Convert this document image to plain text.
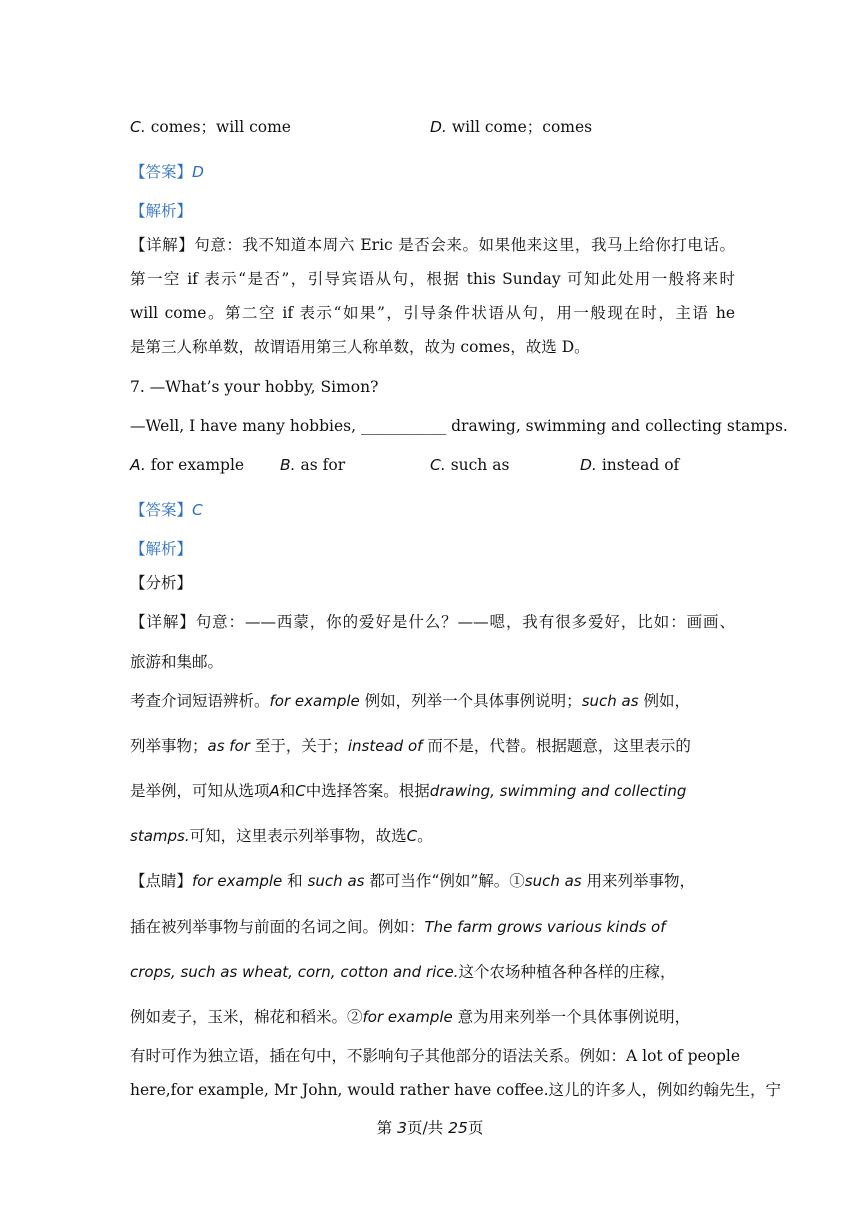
C. comes；will come	D. will come；comes
【答案】D
【解析】
【详解】句意：我不知道本周六 Eric 是否会来。如果他来这里，我马上给你打电话。
第一空 if 表示“是否”，引导宾语从句，根据 this Sunday 可知此处用一般将来时
will come。第二空 if 表示“如果”，引导条件状语从句，用一般现在时，主语 he
是第三人称单数，故谓语用第三人称单数，故为 comes，故选 D。
7. —What’s your hobby, Simon?
—Well, I have many hobbies, ___________ drawing, swimming and collecting stamps.
A. for example B. as for	C. such as	D. instead of
【答案】C
【解析】
【分析】
【详解】句意：——西蒙，你的爱好是什么？——嗯，我有很多爱好，比如：画画、
旅游和集邮。
考查介词短语辨析。for example 例如，列举一个具体事例说明；such as 例如，
列举事物；as for 至于，关于；instead of 而不是，代替。根据题意，这里表示的
是举例，可知从选项A和C中选择答案。根据drawing, swimming and collecting
stamps.可知，这里表示列举事物，故选C。
【点睛】for example 和 such as 都可当作“例如”解。①such as 用来列举事物，
插在被列举事物与前面的名词之间。例如：The farm grows various kinds of
crops, such as wheat, corn, cotton and rice.这个农场种植各种各样的庄稼，
例如麦子，玉米，棉花和稻米。②for example 意为用来列举一个具体事例说明，
有时可作为独立语，插在句中，不影响句子其他部分的语法关系。例如：A lot of people
here,for example, Mr John, would rather have coffee.这儿的许多人，例如约翰先生，宁
第 3页/共 25页
